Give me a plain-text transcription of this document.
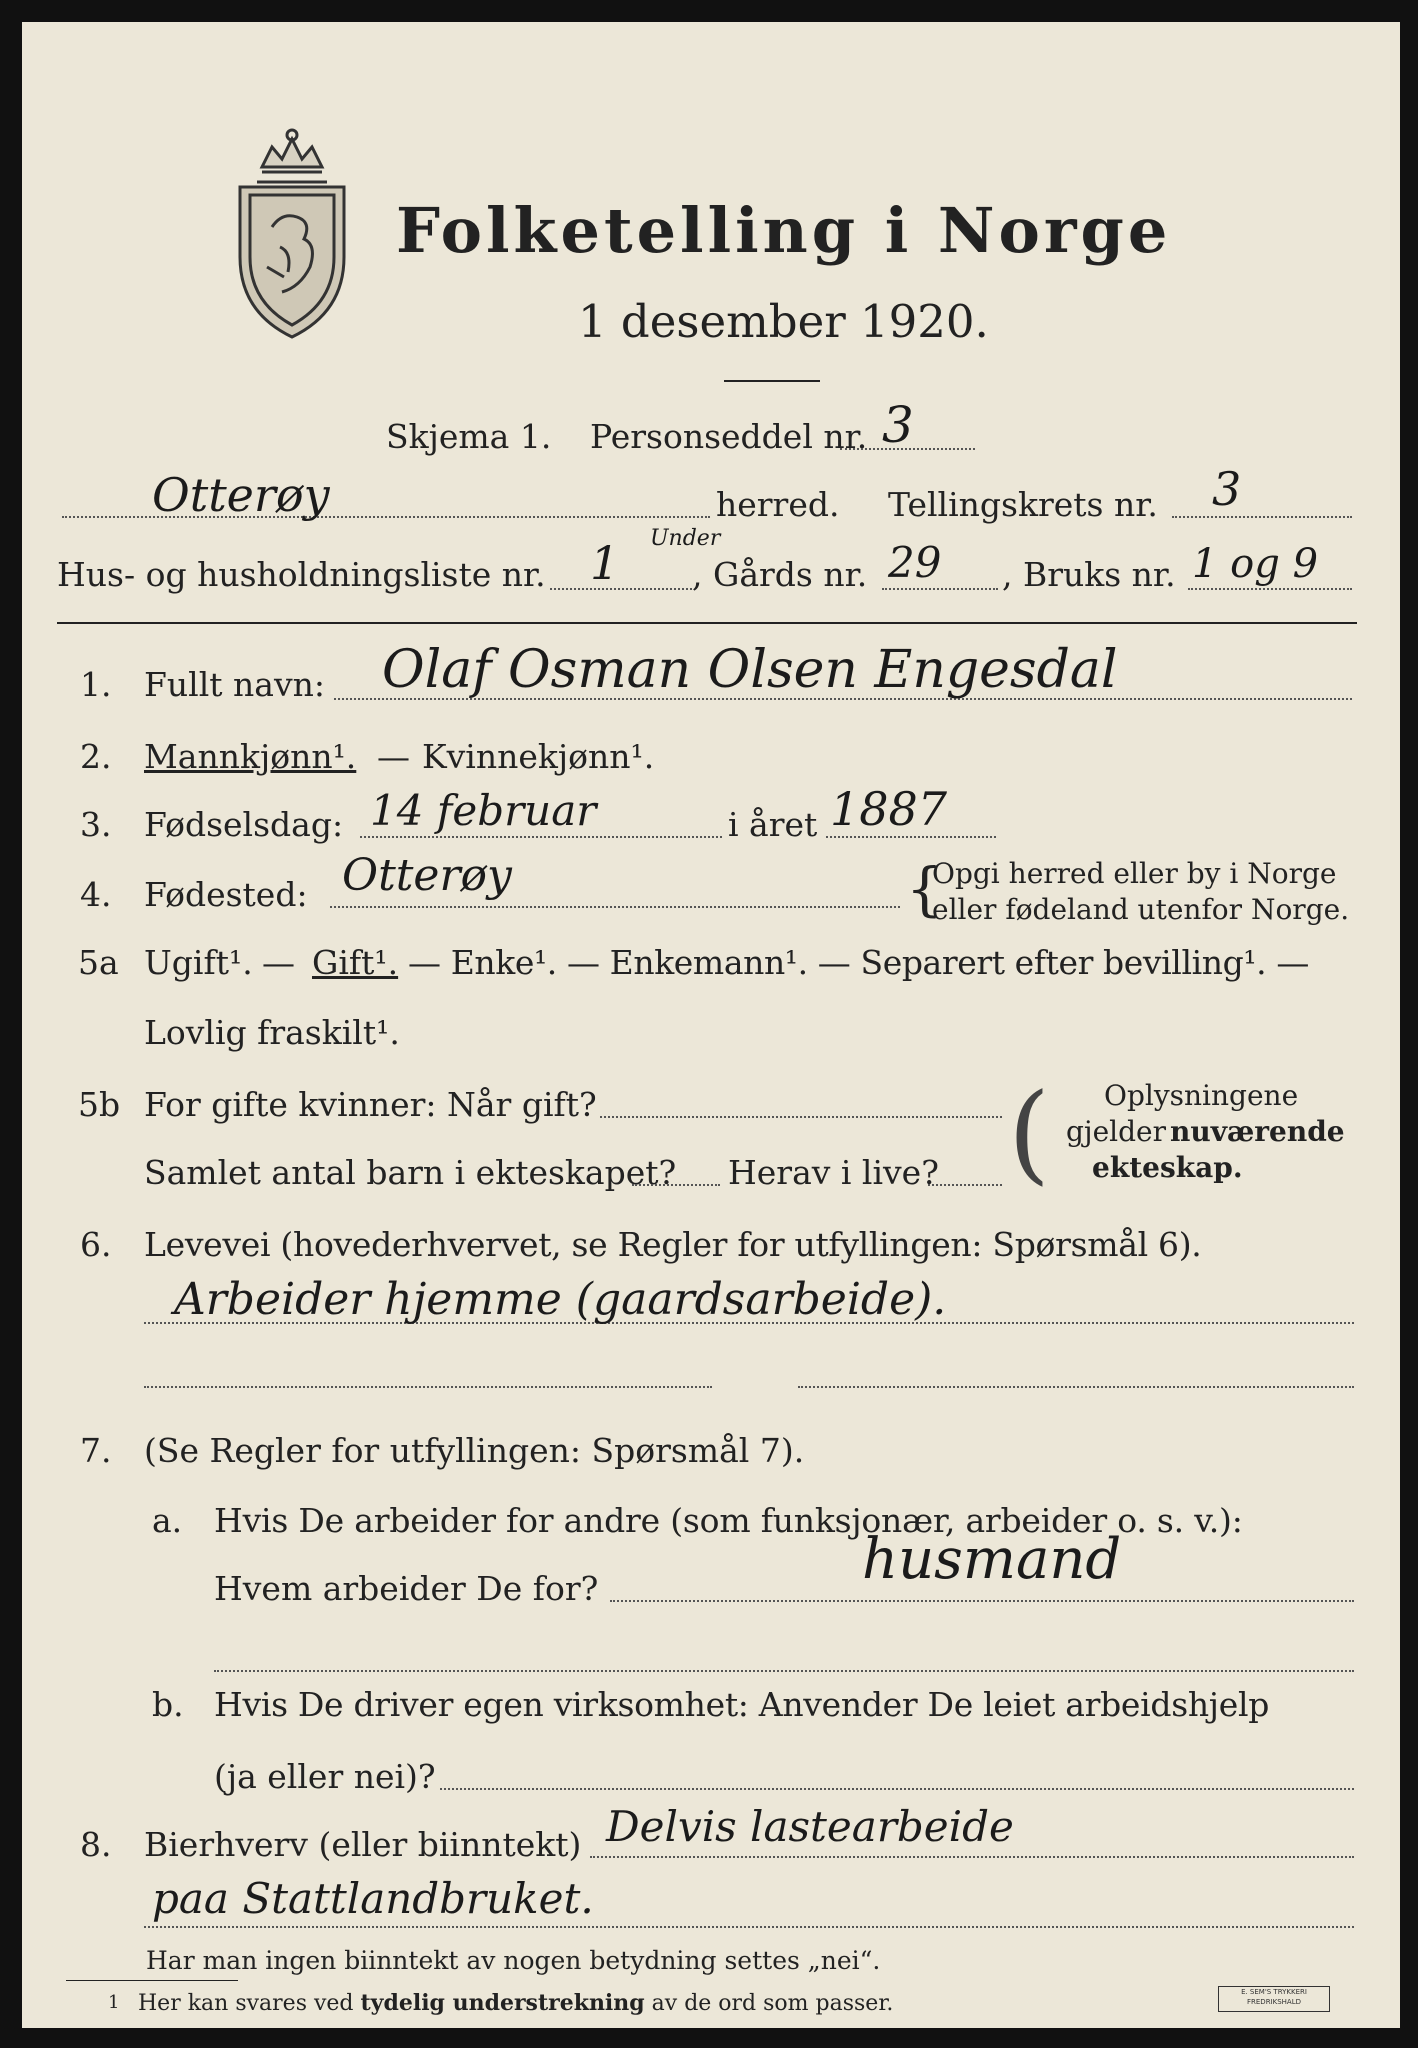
Folketelling i Norge
1 desember 1920.
Skjema 1. Personseddel nr. 3
Otterøy	herred. Tellingskrets nr. 3
Hus- og husholdningsliste nr. 1 Under
, Gårds nr. 29 , Bruks nr. 1 og 9
1. Fullt navn: Olaf Osman Olsen Engesdal
2. Mannkjønn¹. — Kvinnekjønn¹.
3. Fødselsdag: 14 februar	i året 1887
4. Fødested: Otterøy	{
Opgi herred eller by i Norge
eller fødeland utenfor Norge.
5a Ugift¹. — Gift¹. — Enke¹. — Enkemann¹. — Separert efter bevilling¹. —
Lovlig fraskilt¹.
5b For gifte kvinner: Når gift?
Samlet antal barn i ekteskapet? Herav i live? ( Oplysningene
gjelder nuværende
ekteskap.
6. Levevei (hovederhvervet, se Regler for utfyllingen: Spørsmål 6).
Arbeider hjemme (gaardsarbeide).
7. (Se Regler for utfyllingen: Spørsmål 7).
a. Hvis De arbeider for andre (som funksjonær, arbeider o. s. v.):
Hvem arbeider De for?	husmand
b. Hvis De driver egen virksomhet: Anvender De leiet arbeidshjelp
(ja eller nei)?
8. Bierhverv (eller biinntekt) Delvis lastearbeide
paa Stattlandbruket.
Har man ingen biinntekt av nogen betydning settes „nei“.
1 Her kan svares ved tydelig understrekning av de ord som passer.	E. SEM'S TRYKKERI
FREDRIKSHALD
